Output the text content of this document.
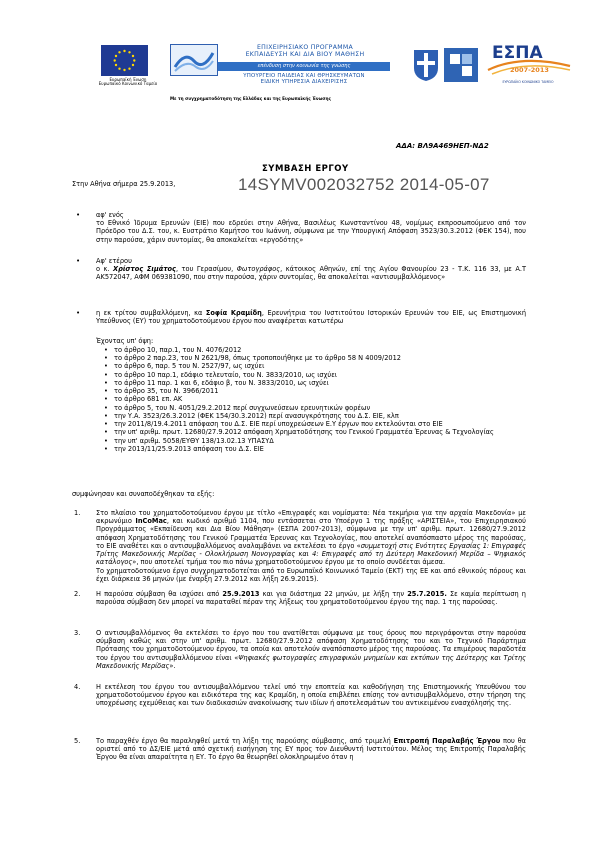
Ευρωπαϊκή Ένωση
Ευρωπαϊκό Κοινωνικό Ταμείο
ΕΠΙΧΕΙΡΗΣΙΑΚΟ ΠΡΟΓΡΑΜΜΑ
ΕΚΠΑΙΔΕΥΣΗ ΚΑΙ ΔΙΑ ΒΙΟΥ ΜΑΘΗΣΗ
επένδυση στην κοινωνία της γνώσης
ΥΠΟΥΡΓΕΙΟ ΠΑΙΔΕΙΑΣ ΚΑΙ ΘΡΗΣΚΕΥΜΑΤΩΝ
ΕΙΔΙΚΗ ΥΠΗΡΕΣΙΑ ΔΙΑΧΕΙΡΙΣΗΣ
Με τη συγχρηματοδότηση της Ελλάδας και της Ευρωπαϊκής Ένωσης
ΕΣΠΑ
2007-2013
ΕΥΡΩΠΑΪΚΟ ΚΟΙΝΩΝΙΚΟ ΤΑΜΕΙΟ
ΑΔΑ: ΒΛ9Α469ΗΕΠ-ΝΔ2
ΣΥΜΒΑΣΗ ΕΡΓΟΥ
Στην Αθήνα σήμερα 25.9.2013,	14SYMV002032752 2014-05-07
• αφ' ενός
το Εθνικό Ίδρυμα Ερευνών (ΕΙΕ) που εδρεύει στην Αθήνα, Βασιλέως Κωνσταντίνου 48, νομίμως εκπροσωπούμενο από τον Πρόεδρο του Δ.Σ. του, κ. Ευστράτιο Καμήτσο του Ιωάννη, σύμφωνα με την Υπουργική Απόφαση 3523/30.3.2012 (ΦΕΚ 154), που στην παρούσα, χάριν συντομίας, θα αποκαλείται «εργοδότης»
• Αφ' ετέρου
ο κ. Χρίστος Σιμάτος, του Γερασίμου, Φωτογράφος, κάτοικος Αθηνών, επί της Αγίου Φανουρίου 23 - Τ.Κ. 116 33, με Α.Τ ΑΚ572047, ΑΦΜ 069381090, που στην παρούσα, χάριν συντομίας, θα αποκαλείται «αντισυμβαλλόμενος»
• η εκ τρίτου συμβαλλόμενη, κα Σοφία Κραμίδη, Ερευνήτρια του Ινστιτούτου Ιστορικών Ερευνών του ΕΙΕ, ως Επιστημονική Υπεύθυνος (ΕΥ) του χρηματοδοτούμενου έργου που αναφέρεται κατωτέρω
Έχοντας υπ' όψη:
• το άρθρο 10, παρ.1, του Ν. 4076/2012
• το άρθρο 2 παρ.23, του Ν 2621/98, όπως τροποποιήθηκε με το άρθρο 58 Ν 4009/2012
• το άρθρο 6, παρ. 5 του Ν. 2527/97, ως ισχύει
• το άρθρο 10 παρ.1, εδάφιο τελευταίο, του Ν. 3833/2010, ως ισχύει
• το άρθρο 11 παρ. 1 και 6, εδάφιο β, του Ν. 3833/2010, ως ισχύει
• το άρθρο 35, του Ν. 3966/2011
• το άρθρο 681 επ. ΑΚ
• το άρθρο 5, του Ν. 4051/29.2.2012 περί συγχωνεύσεων ερευνητικών φορέων
• την Υ.Α. 3523/26.3.2012 (ΦΕΚ 154/30.3.2012) περί ανασυγκρότησης του Δ.Σ. ΕΙΕ, κλπ
• την 2011/8/19.4.2011 απόφαση του Δ.Σ. ΕΙΕ περί υποχρεώσεων Ε.Υ έργων που εκτελούνται στο ΕΙΕ
• την υπ' αριθμ. πρωτ. 12680/27.9.2012 απόφαση Χρηματοδότησης του Γενικού Γραμματέα Έρευνας & Τεχνολογίας
• την υπ' αριθμ. 5058/ΕΥΘΥ 138/13.02.13 ΥΠΑΣΥΔ
• την 2013/11/25.9.2013 απόφαση του Δ.Σ. ΕΙΕ
συμφώνησαν και συναποδέχθηκαν τα εξής:
1.	Στο πλαίσιο του χρηματοδοτούμενου έργου με τίτλο «Επιγραφές και νομίσματα: Νέα τεκμήρια για την αρχαία Μακεδονία» με ακρωνύμιο InCoMac, και κωδικό αριθμό 1104, που εντάσσεται στο Υποέργο 1 της πράξης «ΑΡΙΣΤΕΙΑ», του Επιχειρησιακού Προγράμματος «Εκπαίδευση και Δια Βίου Μάθηση» (ΕΣΠΑ 2007-2013), σύμφωνα με την υπ' αριθμ. πρωτ. 12680/27.9.2012 απόφαση Χρηματοδότησης του Γενικού Γραμματέα Έρευνας και Τεχνολογίας, που αποτελεί αναπόσπαστο μέρος της παρούσας, το ΕΙΕ αναθέτει και ο αντισυμβαλλόμενος αναλαμβάνει να εκτελέσει το έργο «συμμετοχή στις Ενότητες Εργασίας 1: Επιγραφές Τρίτης Μακεδονικής Μερίδας - Ολοκλήρωση Νονογραφίας και 4: Επιγραφές από τη Δεύτερη Μακεδονική Μερίδα – Ψηφιακός κατάλογος», που αποτελεί τμήμα του πιο πάνω χρηματοδοτούμενου έργου με το οποίο συνδέεται άμεσα.
Το χρηματοδοτούμενο έργο συγχρηματοδοτείται από το Ευρωπαϊκό Κοινωνικό Ταμείο (ΕΚΤ) της ΕΕ και από εθνικούς πόρους και έχει διάρκεια 36 μηνών (με έναρξη 27.9.2012 και λήξη 26.9.2015).
2.	Η παρούσα σύμβαση θα ισχύσει από 25.9.2013 και για διάστημα 22 μηνών, με λήξη την 25.7.2015. Σε καμία περίπτωση η παρούσα σύμβαση δεν μπορεί να παραταθεί πέραν της λήξεως του χρηματοδοτούμενου έργου της παρ. 1 της παρούσας.
3.	Ο αντισυμβαλλόμενος θα εκτελέσει το έργο που του ανατίθεται σύμφωνα με τους όρους που περιγράφονται στην παρούσα σύμβαση καθώς και στην υπ' αριθμ. πρωτ. 12680/27.9.2012 απόφαση Χρηματοδότησης του και το Τεχνικό Παράρτημα Πρότασης του χρηματοδοτούμενου έργου, τα οποία και αποτελούν αναπόσπαστο μέρος της παρούσας. Τα επιμέρους παραδοτέα του έργου του αντισυμβαλλόμενου είναι «Ψηφιακές φωτογραφίες επιγραφικών μνημείων και εκτύπων της Δεύτερης και Τρίτης Μακεδονικής Μερίδας».
4.	Η εκτέλεση του έργου του αντισυμβαλλόμενου τελεί υπό την εποπτεία και καθοδήγηση της Επιστημονικής Υπευθύνου του χρηματοδοτούμενου έργου και ειδικότερα της κας Κραμίδη, η οποία επιβλέπει επίσης τον αντισυμβαλλόμενο, στην τήρηση της υποχρέωσης εχεμύθειας και των διαδικασιών ανακοίνωσης των ιδίων ή αποτελεσμάτων του αντικειμένου ενασχόλησής της.
5.	Το παραχθέν έργο θα παραληφθεί μετά τη λήξη της παρούσης σύμβασης, από τριμελή Επιτροπή Παραλαβής Έργου που θα οριστεί από το ΔΣ/ΕΙΕ μετά από σχετική εισήγηση της ΕΥ προς τον Διευθυντή Ινστιτούτου. Μέλος της Επιτροπής Παραλαβής Έργου θα είναι απαραίτητα η ΕΥ. Το έργο θα θεωρηθεί ολοκληρωμένο όταν η
